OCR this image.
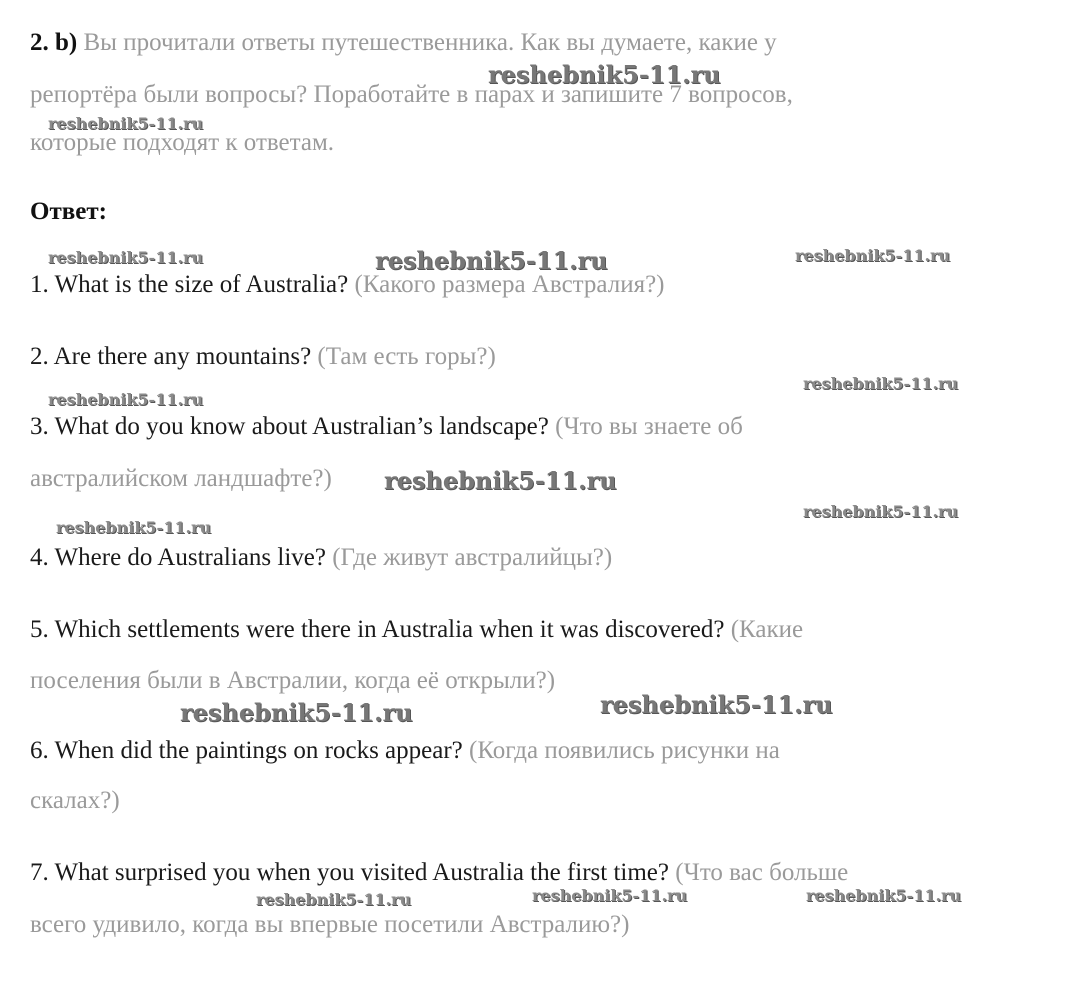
2. b) Вы прочитали ответы путешественника. Как вы думаете, какие у
репортёра были вопросы? Поработайте в парах и запишите 7 вопросов,
которые подходят к ответам.
Ответ:
1. What is the size of Australia? (Какого размера Австралия?)
2. Are there any mountains? (Там есть горы?)
3. What do you know about Australian’s landscape? (Что вы знаете об
австралийском ландшафте?)
4. Where do Australians live? (Где живут австралийцы?)
5. Which settlements were there in Australia when it was discovered? (Какие
поселения были в Австралии, когда её открыли?)
6. When did the paintings on rocks appear? (Когда появились рисунки на
скалах?)
7. What surprised you when you visited Australia the first time? (Что вас больше
всего удивило, когда вы впервые посетили Австралию?)
reshebnik5-11.ru
reshebnik5-11.ru
reshebnik5-11.ru	reshebnik5-11.ru	reshebnik5-11.ru
reshebnik5-11.ru
reshebnik5-11.ru
reshebnik5-11.ru
reshebnik5-11.ru
reshebnik5-11.ru
reshebnik5-11.ru	reshebnik5-11.ru
reshebnik5-11.ru	reshebnik5-11.ru	reshebnik5-11.ru
